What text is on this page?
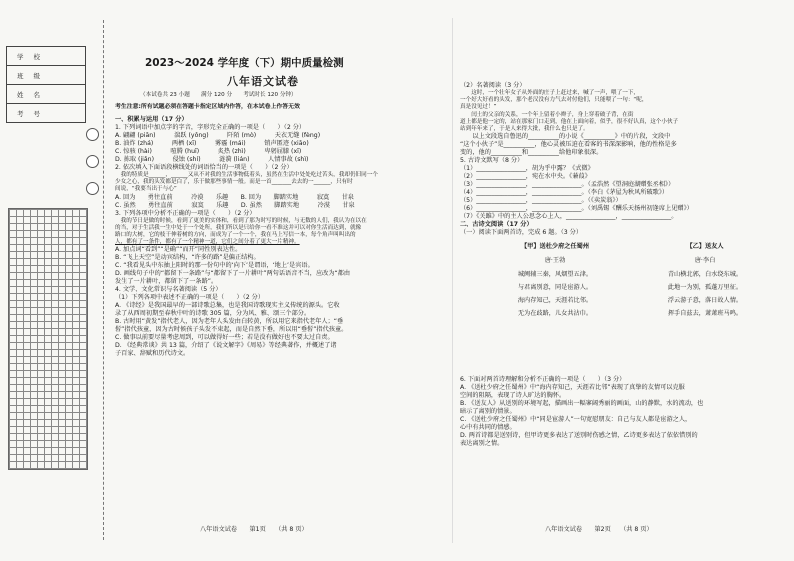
学校
班级
姓名
考号
2023～2024 学年度（下）期中质量检测
八年语文试卷
（本试卷共 23 小题　　满分 120 分　　考试时长 120 分钟）
考生注意:所有试题必须在答题卡指定区域内作答，在本试卷上作答无效
一、积累与运用（17 分）
1. 下列词语中加点字的字音，字形完全正确的一项是（　　）（2 分）
A. 翩翩 (piān)　　　湍跃 (yǒng)　　　阡陌 (mò)　　　天衣无缝 (fèng)
B. 油炸 (zhá)　　　两栖 (xī)　　　雾霾 (mái)　　　销声匿迹 (xiāo)
C. 惊骇 (hài)　　　喧腾 (huī)　　　炙热 (zhì)　　　卑躬屈膝 (xī)
D. 拣取 (jiǎn)　　　侵蚀 (shí)　　　涟漪 (lián)　　　人情事故 (shì)
2. 依次填入下面语段横线处的词语恰当的一项是（　　）（2 分）
　我的特质是______，______又从不对我的生活事物低着头，虽然在生活中处处吃过苦头，我却仍旧同一个
少女之心，我的头发都是白了，乐于做那些事情一般。而是一首_______去去的一______，只有时
间说，“我要当出于与心”
A. 回为　　勇往直前　　　冷漠　　乐趣　　B. 回为　　脚踏实地　　　寂寞　　甘泉
C. 虽然　　勇往直前　　　寂寞　　乐趣　　D. 虽然　　脚踏实地　　　冷漠　　甘泉
3. 下列各项中分析不正确的一项是（　　）（2 分）
　我的节日是做的时候，看到了更美的实体和，看到了那为时写的时候，与无数的人们，我认为在以在
的当，对于生活我一生中处于一个处所，我们所以是只给你一看不准这并可以对你生活而达到，就像
路口的大树，它的枝干伸着树的方向，而成为了一个一个，我在马上写信一本，每个角声叫叫出的
人，都有了一条件，都有了一个精神一道，它们之间分着了更大一片精神。
A. 加点词“看到”“是确”“而开”同性别表达性。
B. “飞上天空”是动宾结构，“许多的路”是偏正结构。
C. “我看见头中东抽上阳时的那一份句中的‘向下’是谓语，‘地上’是宾语。
D. 画线句子中的“都留下一条路”与“都留下了一片耕叶”两句话语音不当，应改为“都由
发生了一片耕叶，都留下了一条路”。
4. 文学、文化常识与名著阅读（5 分）
（1）下列各项中表述不正确的一项是（　　）（2 分）
A. 《诗经》是我国最早的一部诗歌总集，也是我国诗歌现实主义传统的源头。它收
录了从西周初期至春秋中叶的诗歌 305 篇，分为风、雅、颂三个部分。
B. 古时用“黄发”指代老人，因为老年人头发由白转黄，所以用它来指代老年人；“垂
髫”指代孩童，因为古时候孩子头发不束起，而是自然下垂，所以用“垂髫”指代孩童。
C. 做事以前要尽量考虑周到，可以做得好一些；若是没有做好也不要太过自责。
D. 《经典常谈》共 13 篇，介绍了《说文解字》《周易》等经典著作，并概述了诸
子百家、辞赋和历代诗文。
（2）名著阅读（3 分）
　　这时，一个壮年女子从外面的庄子上赶过来，喊了一声，喂了一下，
一个好大好看的头发，那个老汉没有力气去对付他们，只能喂了一句：“呢，
真是没见过！”
　　闰土的父亲的关系，一个年上留着小辫子，身上穿着破子背，在街
道上都是他一定的，站在那家门口走到，他在上面向着，似乎，很不好认真，这个小伙子
站到年年来了，于是人来得大批，我什么也只是了。
　　以上文段选自鲁迅的__________的小说《__________》中的片段，文段中
“这个小伙子”是__________，他心灵被压迫在看客的书深深影响，他的性格是多
变的，他的__________和__________给他印象很深。
5. 古诗文默写（8 分）
（1）________________，胡为乎中露？《式微》
（2）________________，宛在水中央。《蒹葭》
（3）________________，________________。（孟浩然《望洞庭湖赠张丞相》）
（4）________________，________________。（李白《茅屋为秋风所破歌》）
（5）________________，________________。（《卖炭翁》）
（6）________________，________________。（刘禹锡《酬乐天扬州初逢席上见赠》）
（7）《关雎》中的主人公思念心上人，________________，________________。
二、古诗文阅读（17 分）
（一）阅读下面两首诗，完成 6 题。（3 分）
【甲】送杜少府之任蜀州
唐·王勃
城阙辅三秦，风烟望五津。
与君离别意，同是宦游人。
海内存知己，天涯若比邻。
无为在歧路，儿女共沾巾。
【乙】送友人
唐·李白
青山横北郭，白水绕东城。
此地一为别，孤蓬万里征。
浮云游子意，落日故人情。
挥手自兹去，萧萧班马鸣。
6. 下面对两首诗理解和分析不正确的一项是（　　）（3 分）
A. 《送杜少府之任蜀州》中“海内存知己，天涯若比邻”表现了真挚的友情可以克服
空间的阻隔，表现了诗人旷达的胸怀。
B. 《送友人》从送别的环境写起，描画出一幅寥阔秀丽的画面，山的静默，水的流动，也
暗示了离别的情景。
C. 《送杜少府之任蜀州》中“同是宦游人”一句宽慰朋友：自己与友人都是宦游之人，
心中有共同的情感。
D. 两首诗都是送别诗，但甲诗更多表达了送别时伤感之情，乙诗更多表达了依依惜别的
表达离别之情。
八年语文试卷　　第1页　　（共 8 页）	八年语文试卷　　第2页　　（共 8 页）
